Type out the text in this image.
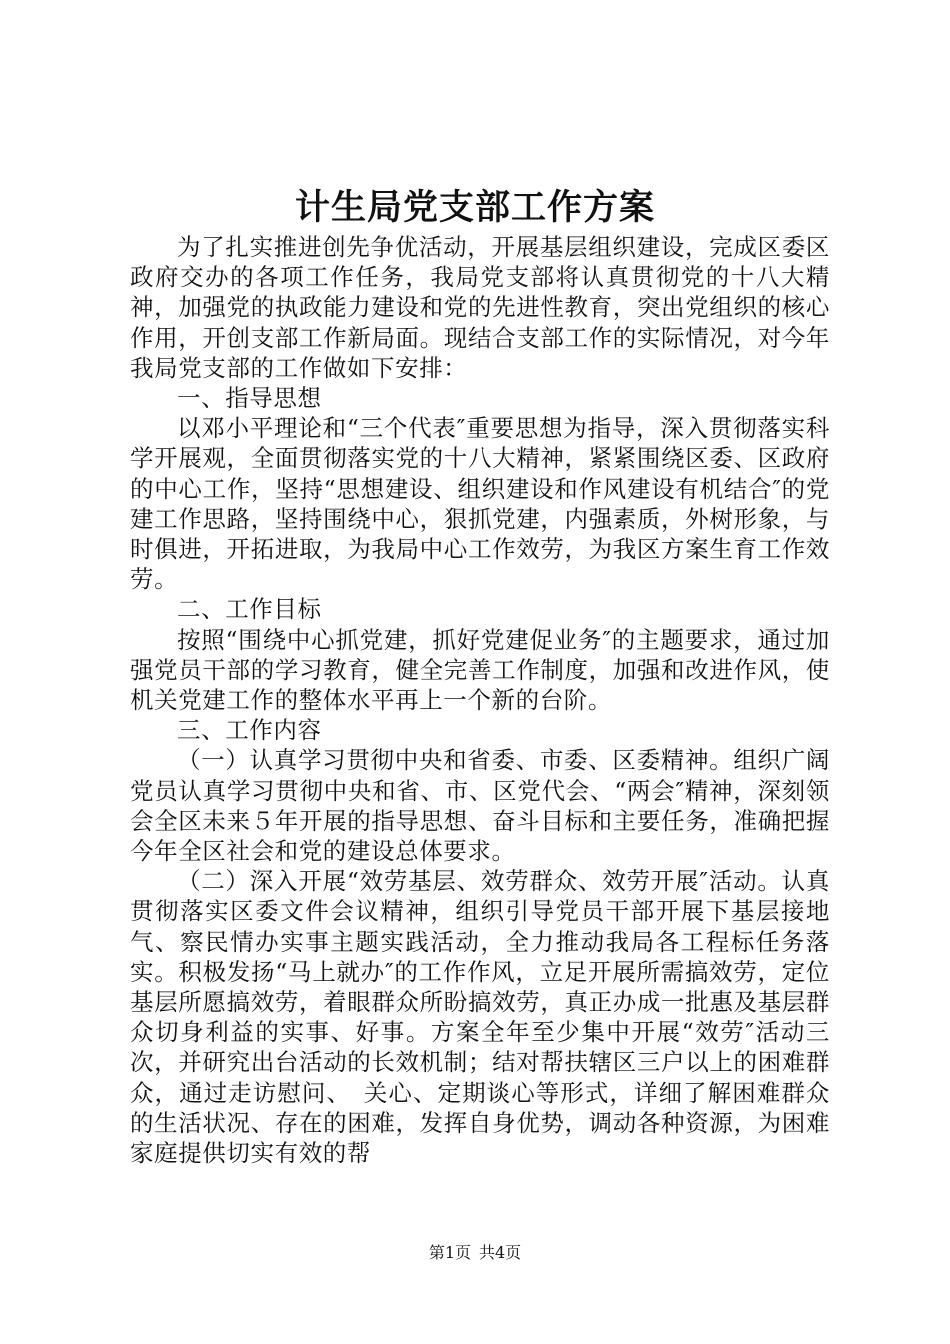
计生局党支部工作方案

为了扎实推进创先争优活动，开展基层组织建设，完成区委区政府交办的各项工作任务，我局党支部将认真贯彻党的十八大精神，加强党的执政能力建设和党的先进性教育，突出党组织的核心作用，开创支部工作新局面。现结合支部工作的实际情况，对今年我局党支部的工作做如下安排：

一、指导思想

以邓小平理论和“三个代表″重要思想为指导，深入贯彻落实科学开展观，全面贯彻落实党的十八大精神，紧紧围绕区委、区政府的中心工作，坚持“思想建设、组织建设和作风建设有机结合″的党建工作思路，坚持围绕中心，狠抓党建，内强素质，外树形象，与时俱进，开拓进取，为我局中心工作效劳，为我区方案生育工作效劳。

二、工作目标

按照“围绕中心抓党建，抓好党建促业务″的主题要求，通过加强党员干部的学习教育，健全完善工作制度，加强和改进作风，使机关党建工作的整体水平再上一个新的台阶。

三、工作内容

（一）认真学习贯彻中央和省委、市委、区委精神。组织广阔党员认真学习贯彻中央和省、市、区党代会、“两会″精神，深刻领会全区未来５年开展的指导思想、奋斗目标和主要任务，准确把握今年全区社会和党的建设总体要求。

（二）深入开展“效劳基层、效劳群众、效劳开展″活动。认真贯彻落实区委文件会议精神，组织引导党员干部开展下基层接地气、察民情办实事主题实践活动，全力推动我局各工程标任务落实。积极发扬“马上就办″的工作作风，立足开展所需搞效劳，定位基层所愿搞效劳，着眼群众所盼搞效劳，真正办成一批惠及基层群众切身利益的实事、好事。方案全年至少集中开展“效劳″活动三次，并研究出台活动的长效机制；结对帮扶辖区三户以上的困难群众，通过走访慰问、　关心、定期谈心等形式，详细了解困难群众的生活状况、存在的困难，发挥自身优势，调动各种资源，为困难家庭提供切实有效的帮

第1页 共4页
